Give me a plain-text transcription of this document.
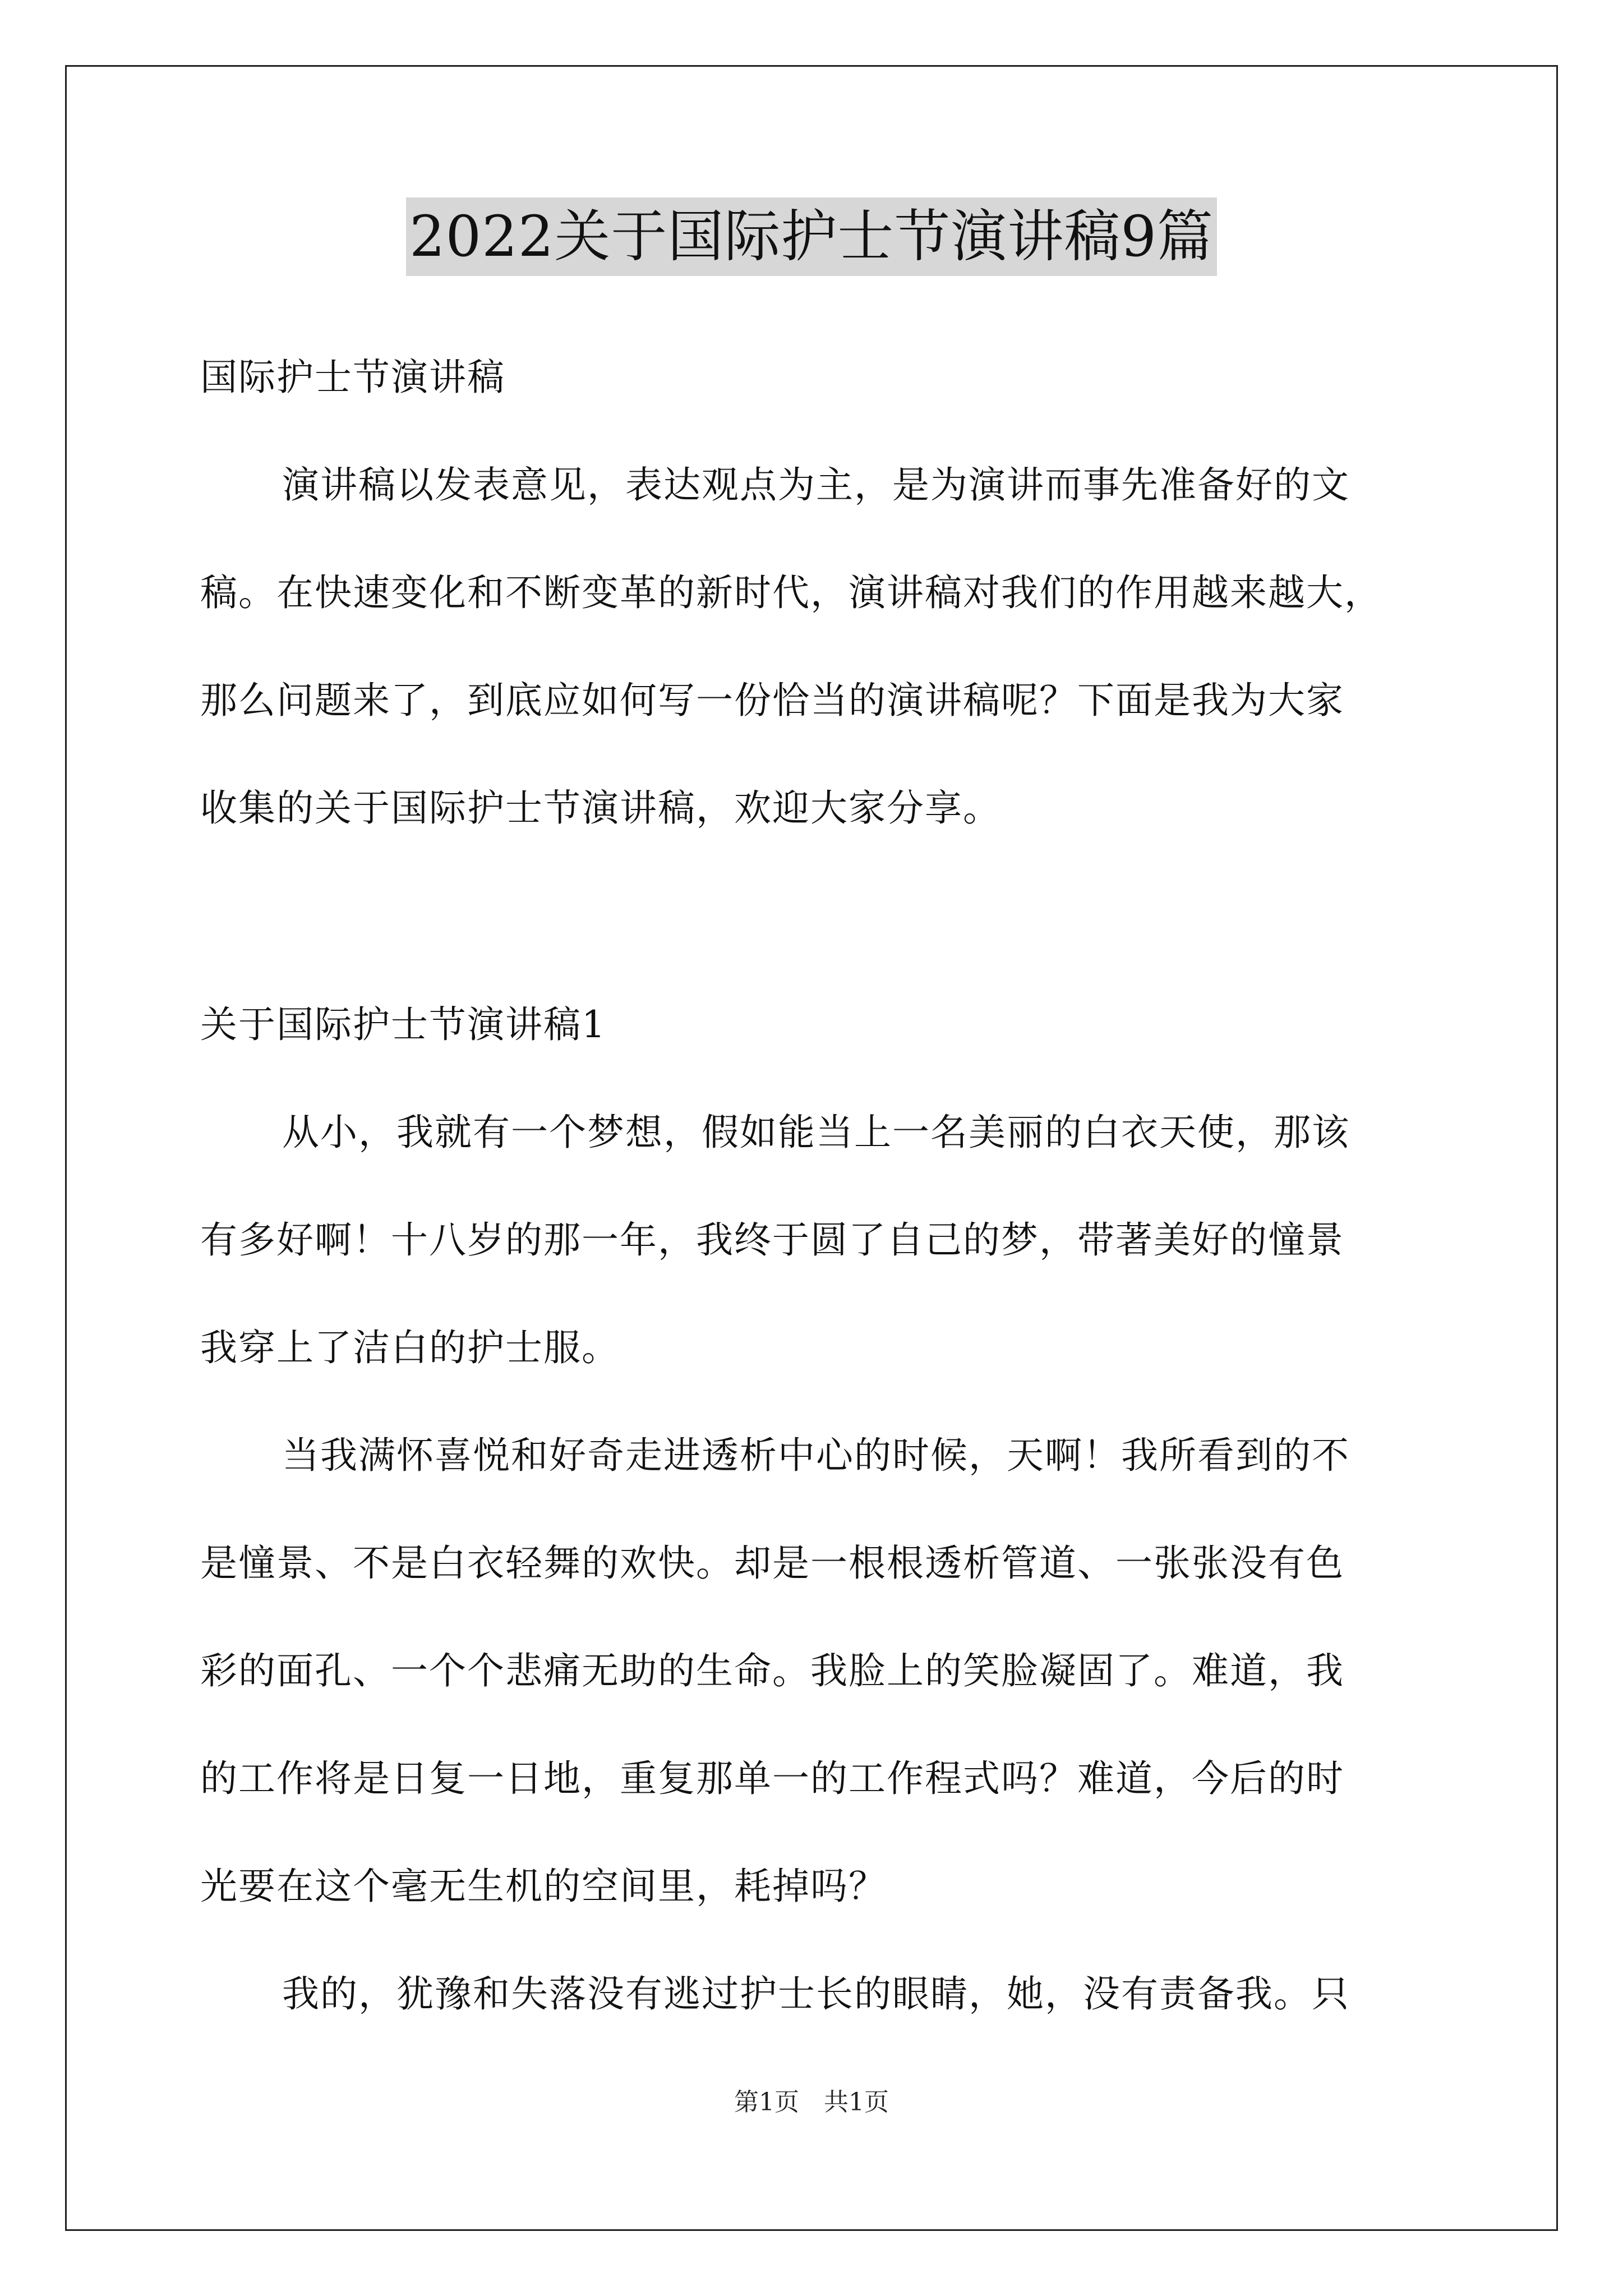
2022关于国际护士节演讲稿9篇
国际护士节演讲稿
演讲稿以发表意见，表达观点为主，是为演讲而事先准备好的文
稿。在快速变化和不断变革的新时代，演讲稿对我们的作用越来越大，
那么问题来了，到底应如何写一份恰当的演讲稿呢？下面是我为大家
收集的关于国际护士节演讲稿，欢迎大家分享。
关于国际护士节演讲稿1
从小，我就有一个梦想，假如能当上一名美丽的白衣天使，那该
有多好啊！十八岁的那一年，我终于圆了自己的梦，带著美好的憧景
我穿上了洁白的护士服。
当我满怀喜悦和好奇走进透析中心的时候，天啊！我所看到的不
是憧景、不是白衣轻舞的欢快。却是一根根透析管道、一张张没有色
彩的面孔、一个个悲痛无助的生命。我脸上的笑脸凝固了。难道，我
的工作将是日复一日地，重复那单一的工作程式吗？难道，今后的时
光要在这个毫无生机的空间里，耗掉吗？
我的，犹豫和失落没有逃过护士长的眼睛，她，没有责备我。只
第1页　共1页
